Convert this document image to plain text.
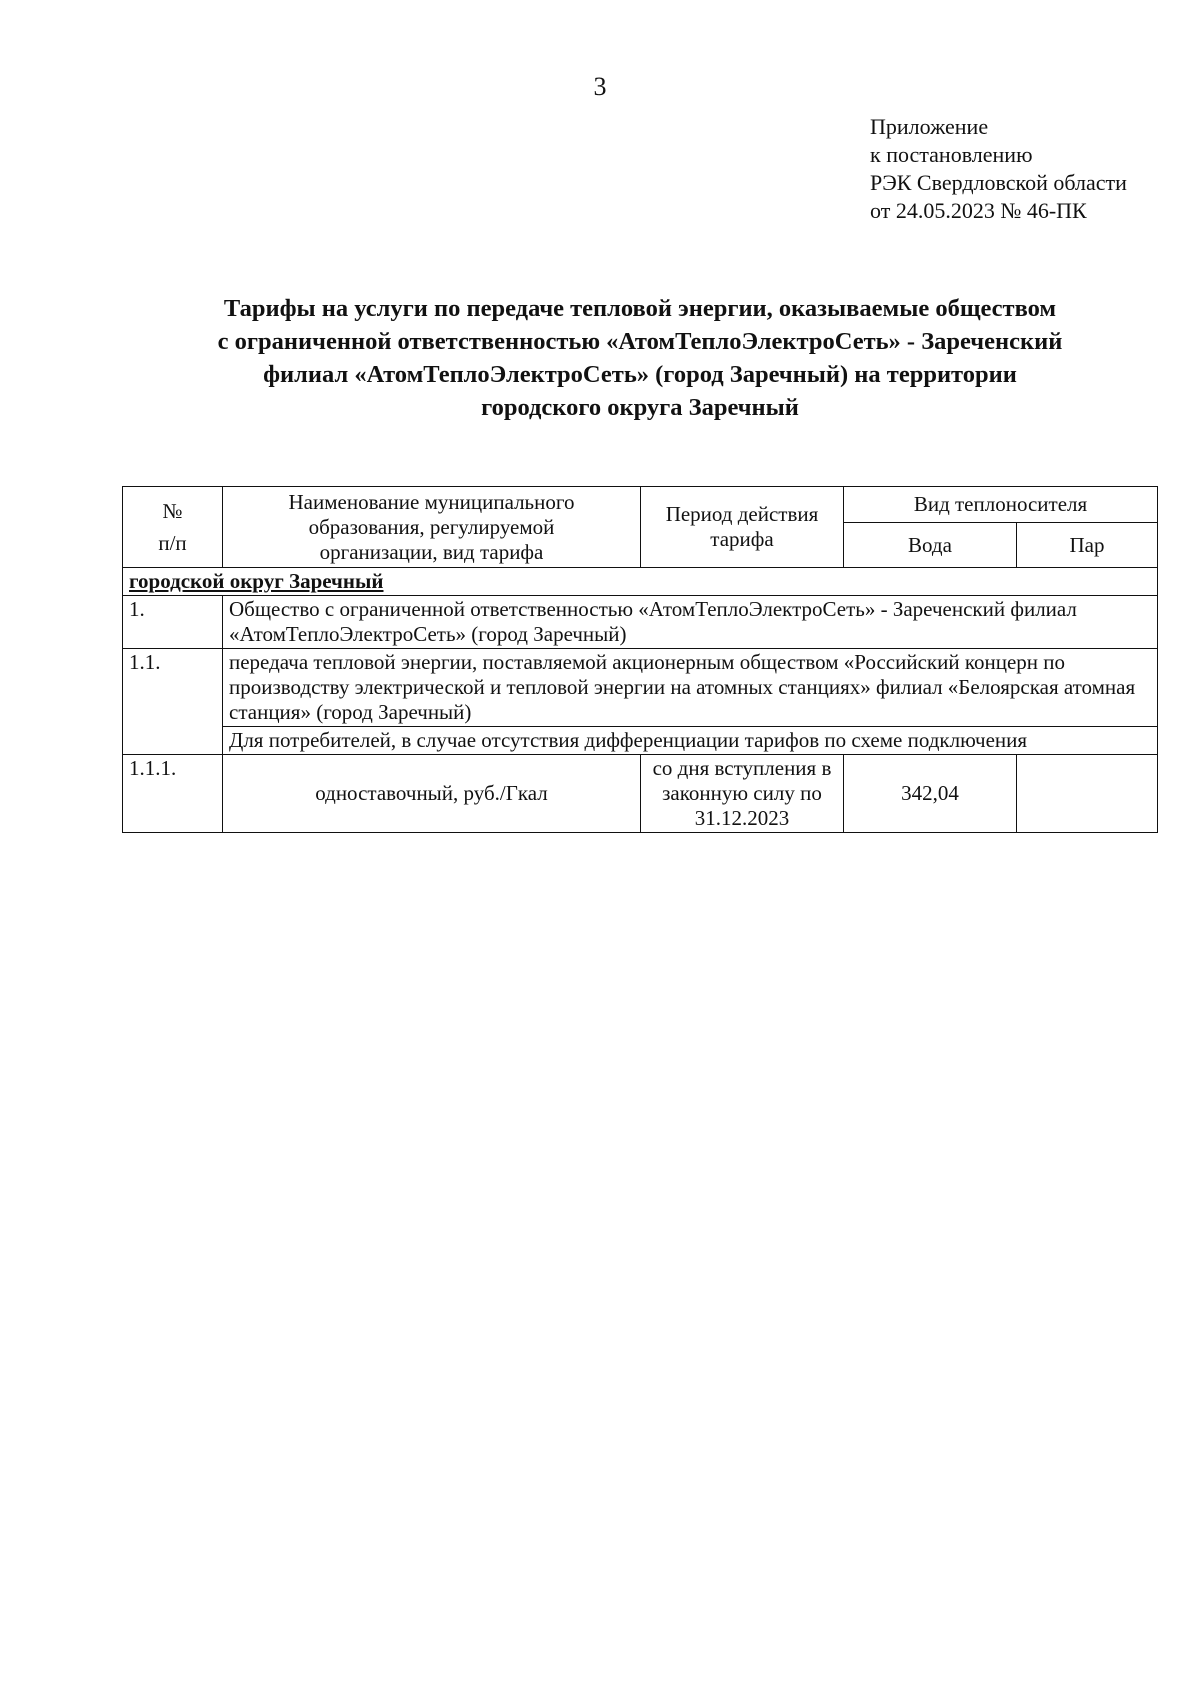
3
Приложение
к постановлению
РЭК Свердловской области
от 24.05.2023 № 46-ПК
Тарифы на услуги по передаче тепловой энергии, оказываемые обществом
с ограниченной ответственностью «АтомТеплоЭлектроСеть» - Зареченский
филиал «АтомТеплоЭлектроСеть» (город Заречный) на территории
городского округа Заречный
№
п/п	Наименование муниципального образования, регулируемой организации, вид тарифа	Период действия тарифа	Вид теплоносителя	
			Вода	Пар
городской округ Заречный				
1.	Общество с ограниченной ответственностью «АтомТеплоЭлектроСеть» - Зареченский филиал «АтомТеплоЭлектроСеть» (город Заречный)			
1.1.	передача тепловой энергии, поставляемой акционерным обществом «Российский концерн по производству электрической и тепловой энергии на атомных станциях» филиал «Белоярская атомная станция» (город Заречный)			
	Для потребителей, в случае отсутствия дифференциации тарифов по схеме подключения			
1.1.1.	одноставочный, руб./Гкал	со дня вступления в законную силу по 31.12.2023	342,04	
